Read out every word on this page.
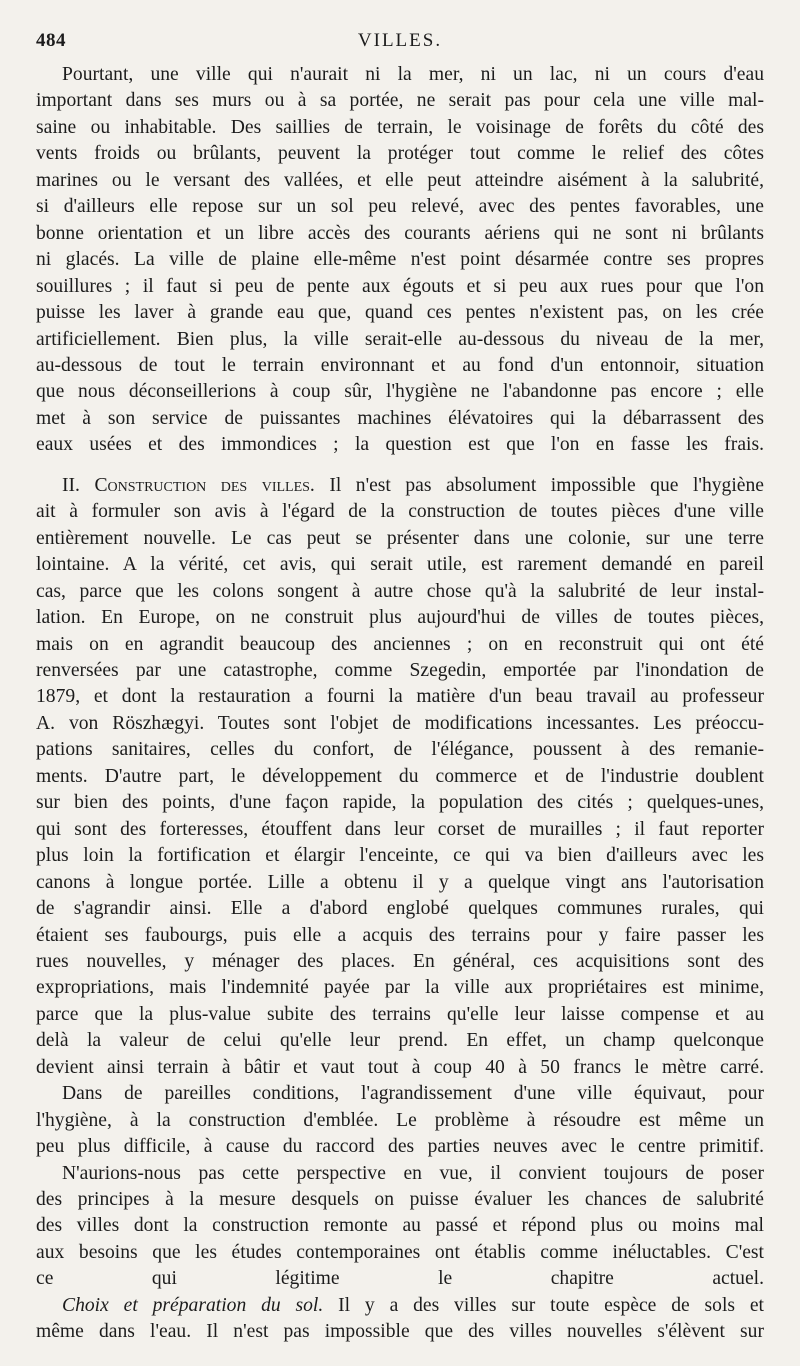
484	VILLES.

Pourtant, une ville qui n'aurait ni la mer, ni un lac, ni un cours d'eau
important dans ses murs ou à sa portée, ne serait pas pour cela une ville mal-
saine ou inhabitable. Des saillies de terrain, le voisinage de forêts du côté des
vents froids ou brûlants, peuvent la protéger tout comme le relief des côtes
marines ou le versant des vallées, et elle peut atteindre aisément à la salubrité,
si d'ailleurs elle repose sur un sol peu relevé, avec des pentes favorables, une
bonne orientation et un libre accès des courants aériens qui ne sont ni brûlants
ni glacés. La ville de plaine elle-même n'est point désarmée contre ses propres
souillures ; il faut si peu de pente aux égouts et si peu aux rues pour que l'on
puisse les laver à grande eau que, quand ces pentes n'existent pas, on les crée
artificiellement. Bien plus, la ville serait-elle au-dessous du niveau de la mer,
au-dessous de tout le terrain environnant et au fond d'un entonnoir, situation
que nous déconseillerions à coup sûr, l'hygiène ne l'abandonne pas encore ; elle
met à son service de puissantes machines élévatoires qui la débarrassent des
eaux usées et des immondices ; la question est que l'on en fasse les frais.

II. Construction des villes. Il n'est pas absolument impossible que l'hygiène
ait à formuler son avis à l'égard de la construction de toutes pièces d'une ville
entièrement nouvelle. Le cas peut se présenter dans une colonie, sur une terre
lointaine. A la vérité, cet avis, qui serait utile, est rarement demandé en pareil
cas, parce que les colons songent à autre chose qu'à la salubrité de leur instal-
lation. En Europe, on ne construit plus aujourd'hui de villes de toutes pièces,
mais on en agrandit beaucoup des anciennes ; on en reconstruit qui ont été
renversées par une catastrophe, comme Szegedin, emportée par l'inondation de
1879, et dont la restauration a fourni la matière d'un beau travail au professeur
A. von Röszhægyi. Toutes sont l'objet de modifications incessantes. Les préoccu-
pations sanitaires, celles du confort, de l'élégance, poussent à des remanie-
ments. D'autre part, le développement du commerce et de l'industrie doublent
sur bien des points, d'une façon rapide, la population des cités ; quelques-unes,
qui sont des forteresses, étouffent dans leur corset de murailles ; il faut reporter
plus loin la fortification et élargir l'enceinte, ce qui va bien d'ailleurs avec les
canons à longue portée. Lille a obtenu il y a quelque vingt ans l'autorisation
de s'agrandir ainsi. Elle a d'abord englobé quelques communes rurales, qui
étaient ses faubourgs, puis elle a acquis des terrains pour y faire passer les
rues nouvelles, y ménager des places. En général, ces acquisitions sont des
expropriations, mais l'indemnité payée par la ville aux propriétaires est minime,
parce que la plus-value subite des terrains qu'elle leur laisse compense et au
delà la valeur de celui qu'elle leur prend. En effet, un champ quelconque
devient ainsi terrain à bâtir et vaut tout à coup 40 à 50 francs le mètre carré.

Dans de pareilles conditions, l'agrandissement d'une ville équivaut, pour
l'hygiène, à la construction d'emblée. Le problème à résoudre est même un
peu plus difficile, à cause du raccord des parties neuves avec le centre primitif.

N'aurions-nous pas cette perspective en vue, il convient toujours de poser
des principes à la mesure desquels on puisse évaluer les chances de salubrité
des villes dont la construction remonte au passé et répond plus ou moins mal
aux besoins que les études contemporaines ont établis comme inéluctables. C'est
ce qui légitime le chapitre actuel.

Choix et préparation du sol. Il y a des villes sur toute espèce de sols et
même dans l'eau. Il n'est pas impossible que des villes nouvelles s'élèvent sur
